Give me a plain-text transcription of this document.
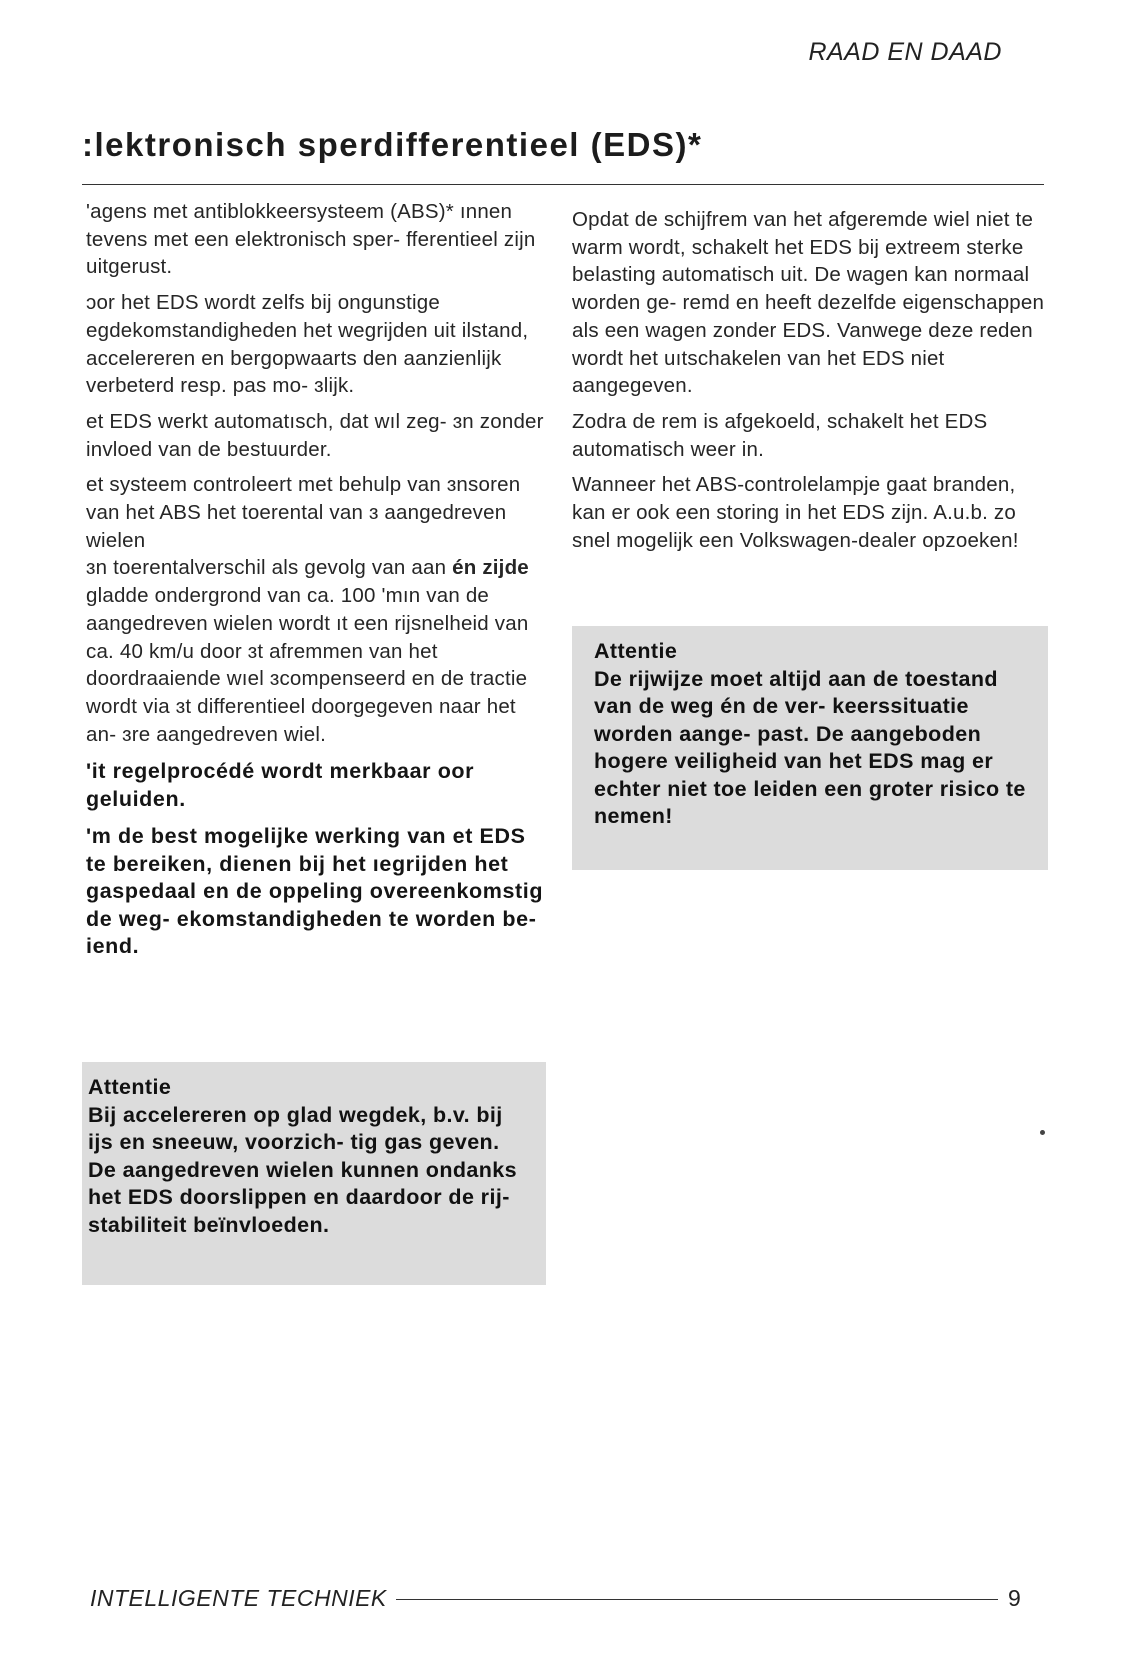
RAAD EN DAAD
:lektronisch sperdifferentieel (EDS)*

'agens met antiblokkeersysteem (ABS)* ınnen tevens met een elektronisch sper- fferentieel zijn uitgerust.

ɔor het EDS wordt zelfs bij ongunstige egdekomstandigheden het wegrijden uit ilstand, accelereren en bergopwaarts den aanzienlijk verbeterd resp. pas mo- ɜlijk.

et EDS werkt automatısch, dat wıl zeg- ɜn zonder invloed van de bestuurder.

et systeem controleert met behulp van ɜnsoren van het ABS het toerental van ɜ aangedreven wielen

ɜn toerentalverschil als gevolg van aan én zijde gladde ondergrond van ca. 100 'mın van de aangedreven wielen wordt ıt een rijsnelheid van ca. 40 km/u door ɜt afremmen van het doordraaiende wıel ɜcompenseerd en de tractie wordt via ɜt differentieel doorgegeven naar het an- ɜre aangedreven wiel.

'it regelprocédé wordt merkbaar oor geluiden.

'm de best mogelijke werking van et EDS te bereiken, dienen bij het ıegrijden het gaspedaal en de oppeling overeenkomstig de weg- ekomstandigheden te worden be- iend.

Attentie
Bij accelereren op glad wegdek, b.v. bij ijs en sneeuw, voorzich- tig gas geven. De aangedreven wielen kunnen ondanks het EDS doorslippen en daardoor de rij- stabiliteit beïnvloeden.

Opdat de schijfrem van het afgeremde wiel niet te warm wordt, schakelt het EDS bij extreem sterke belasting automatisch uit. De wagen kan normaal worden ge- remd en heeft dezelfde eigenschappen als een wagen zonder EDS. Vanwege deze reden wordt het uıtschakelen van het EDS niet aangegeven.

Zodra de rem is afgekoeld, schakelt het EDS automatisch weer in.

Wanneer het ABS-controlelampje gaat branden, kan er ook een storing in het EDS zijn. A.u.b. zo snel mogelijk een Volkswagen-dealer opzoeken!

Attentie
De rijwijze moet altijd aan de toestand van de weg én de ver- keerssituatie worden aange- past. De aangeboden hogere veiligheid van het EDS mag er echter niet toe leiden een groter risico te nemen!
INTELLIGENTE TECHNIEK	9
